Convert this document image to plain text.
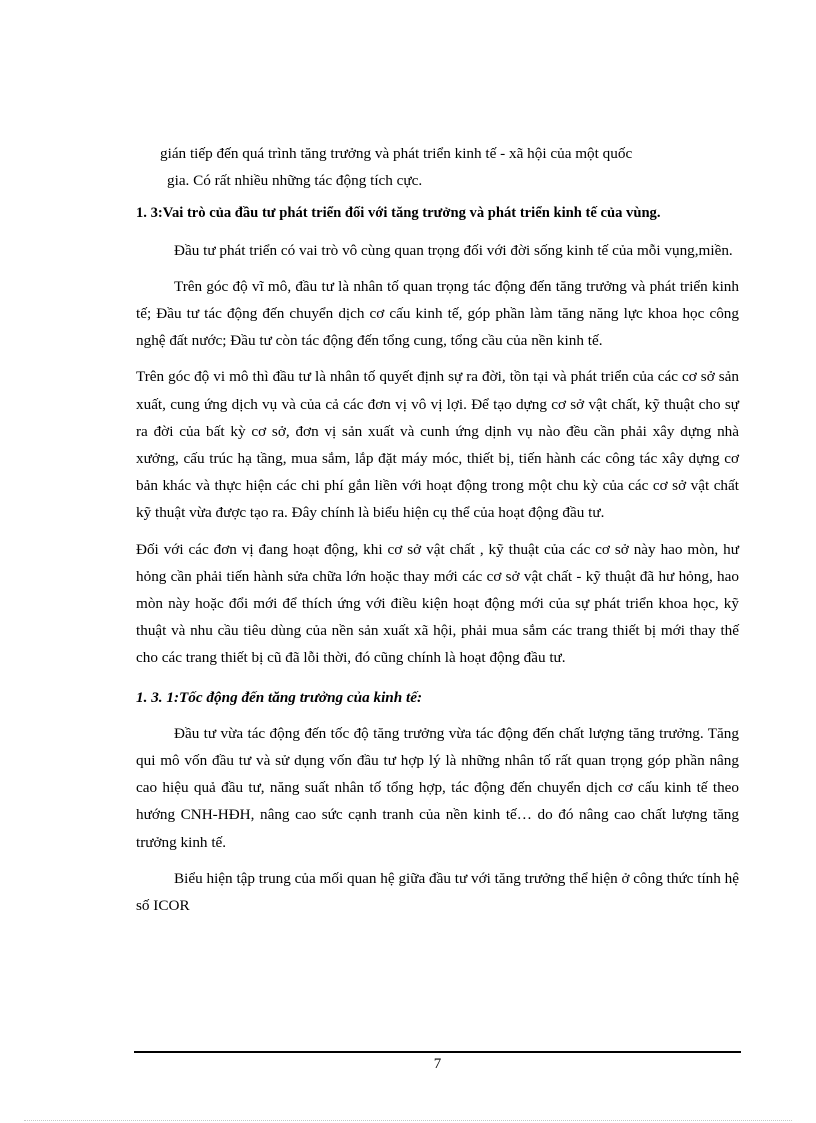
gián tiếp đến quá trình tăng trưởng và phát triển kinh tế - xã hội của một quốc
gia. Có rất nhiều những tác động tích cực.

1. 3:Vai trò của đầu tư phát triển đối với tăng trưởng và phát triển kinh tế của vùng.

Đầu tư phát triển có vai trò vô cùng quan trọng đối với đời sống kinh tế của mỗi vụng,miền.

Trên góc độ vĩ mô, đầu tư là nhân tố quan trọng tác động đến tăng trưởng và phát triển kinh tế; Đầu tư tác động đến chuyển dịch cơ cấu kinh tế, góp phần làm tăng năng lực khoa học công nghệ đất nước; Đầu tư còn tác động đến tổng cung, tổng cầu của nền kinh tế.

Trên góc độ vi mô thì đầu tư là nhân tố quyết định sự ra đời, tồn tại và phát triển của các cơ sở sản xuất, cung ứng dịch vụ và của cả các đơn vị vô vị lợi. Để tạo dựng cơ sở vật chất, kỹ thuật cho sự ra đời của bất kỳ cơ sở, đơn vị sản xuất và cunh ứng dịnh vụ nào đều cần phải xây dựng nhà xưởng, cấu trúc hạ tầng, mua sắm, lắp đặt máy móc, thiết bị, tiến hành các công tác xây dựng cơ bản khác và thực hiện các chi phí gắn liền với hoạt động trong một chu kỳ của các cơ sở vật chất kỹ thuật vừa được tạo ra. Đây chính là biểu hiện cụ thể của hoạt động đầu tư.

Đối với các đơn vị đang hoạt động, khi cơ sở vật chất , kỹ thuật của các cơ sở này hao mòn, hư hỏng cần phải tiến hành sửa chữa lớn hoặc thay mới các cơ sở vật chất - kỹ thuật đã hư hỏng, hao mòn này hoặc đổi mới để thích ứng với điều kiện hoạt động mới của sự phát triển khoa học, kỹ thuật và nhu cầu tiêu dùng của nền sản xuất xã hội, phải mua sắm các trang thiết bị mới thay thế cho các trang thiết bị cũ đã lỗi thời, đó cũng chính là hoạt động đầu tư.

1. 3. 1:Tốc động đến tăng trưởng của kinh tế:

Đầu tư vừa tác động đến tốc độ tăng trưởng vừa tác động đến chất lượng tăng trưởng. Tăng qui mô vốn đầu tư và sử dụng vốn đầu tư hợp lý là những nhân tố rất quan trọng góp phần nâng cao hiệu quả đầu tư, năng suất nhân tố tổng hợp, tác động đến chuyển dịch cơ cấu kinh tế theo hướng CNH-HĐH, nâng cao sức cạnh tranh của nền kinh tế… do đó nâng cao chất lượng tăng trưởng kinh tế.

Biểu hiện tập trung của mối quan hệ giữa đầu tư với tăng trưởng thể hiện ở công thức tính hệ số ICOR

7
